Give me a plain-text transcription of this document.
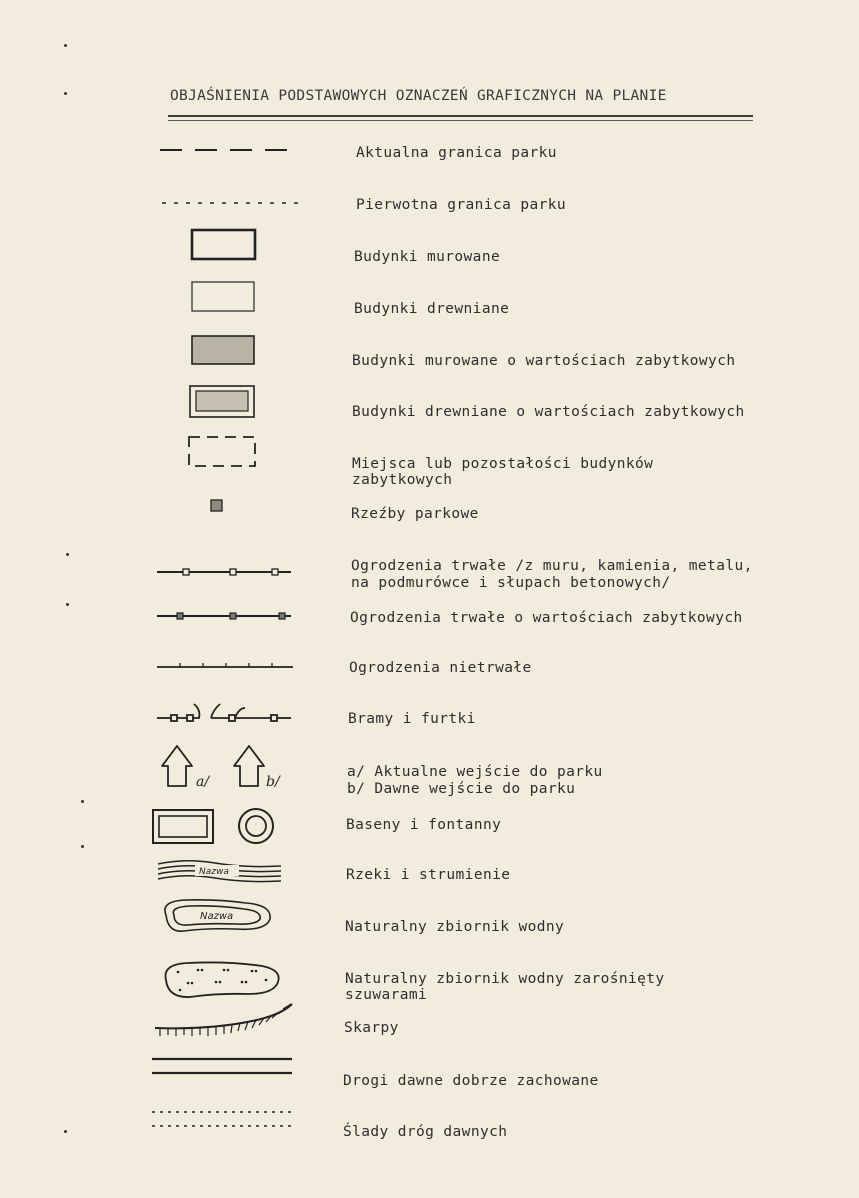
OBJAŚNIENIA PODSTAWOWYCH OZNACZEŃ GRAFICZNYCH NA PLANIE
Aktualna granica parku
Pierwotna granica parku
Budynki murowane
Budynki drewniane
Budynki murowane o wartościach zabytkowych
Budynki drewniane o wartościach zabytkowych
Miejsca lub pozostałości budynków
zabytkowych
Rzeźby parkowe
Ogrodzenia trwałe /z muru, kamienia, metalu,
na podmurówce i słupach betonowych/
Ogrodzenia trwałe o wartościach zabytkowych
Ogrodzenia nietrwałe
Bramy i furtki
a/	b/
a/ Aktualne wejście do parku
b/ Dawne wejście do parku
Baseny i fontanny
Nazwa	Rzeki i strumienie
Nazwa
Naturalny zbiornik wodny
Naturalny zbiornik wodny zarośnięty
szuwarami
Skarpy
Drogi dawne dobrze zachowane
Ślady dróg dawnych
